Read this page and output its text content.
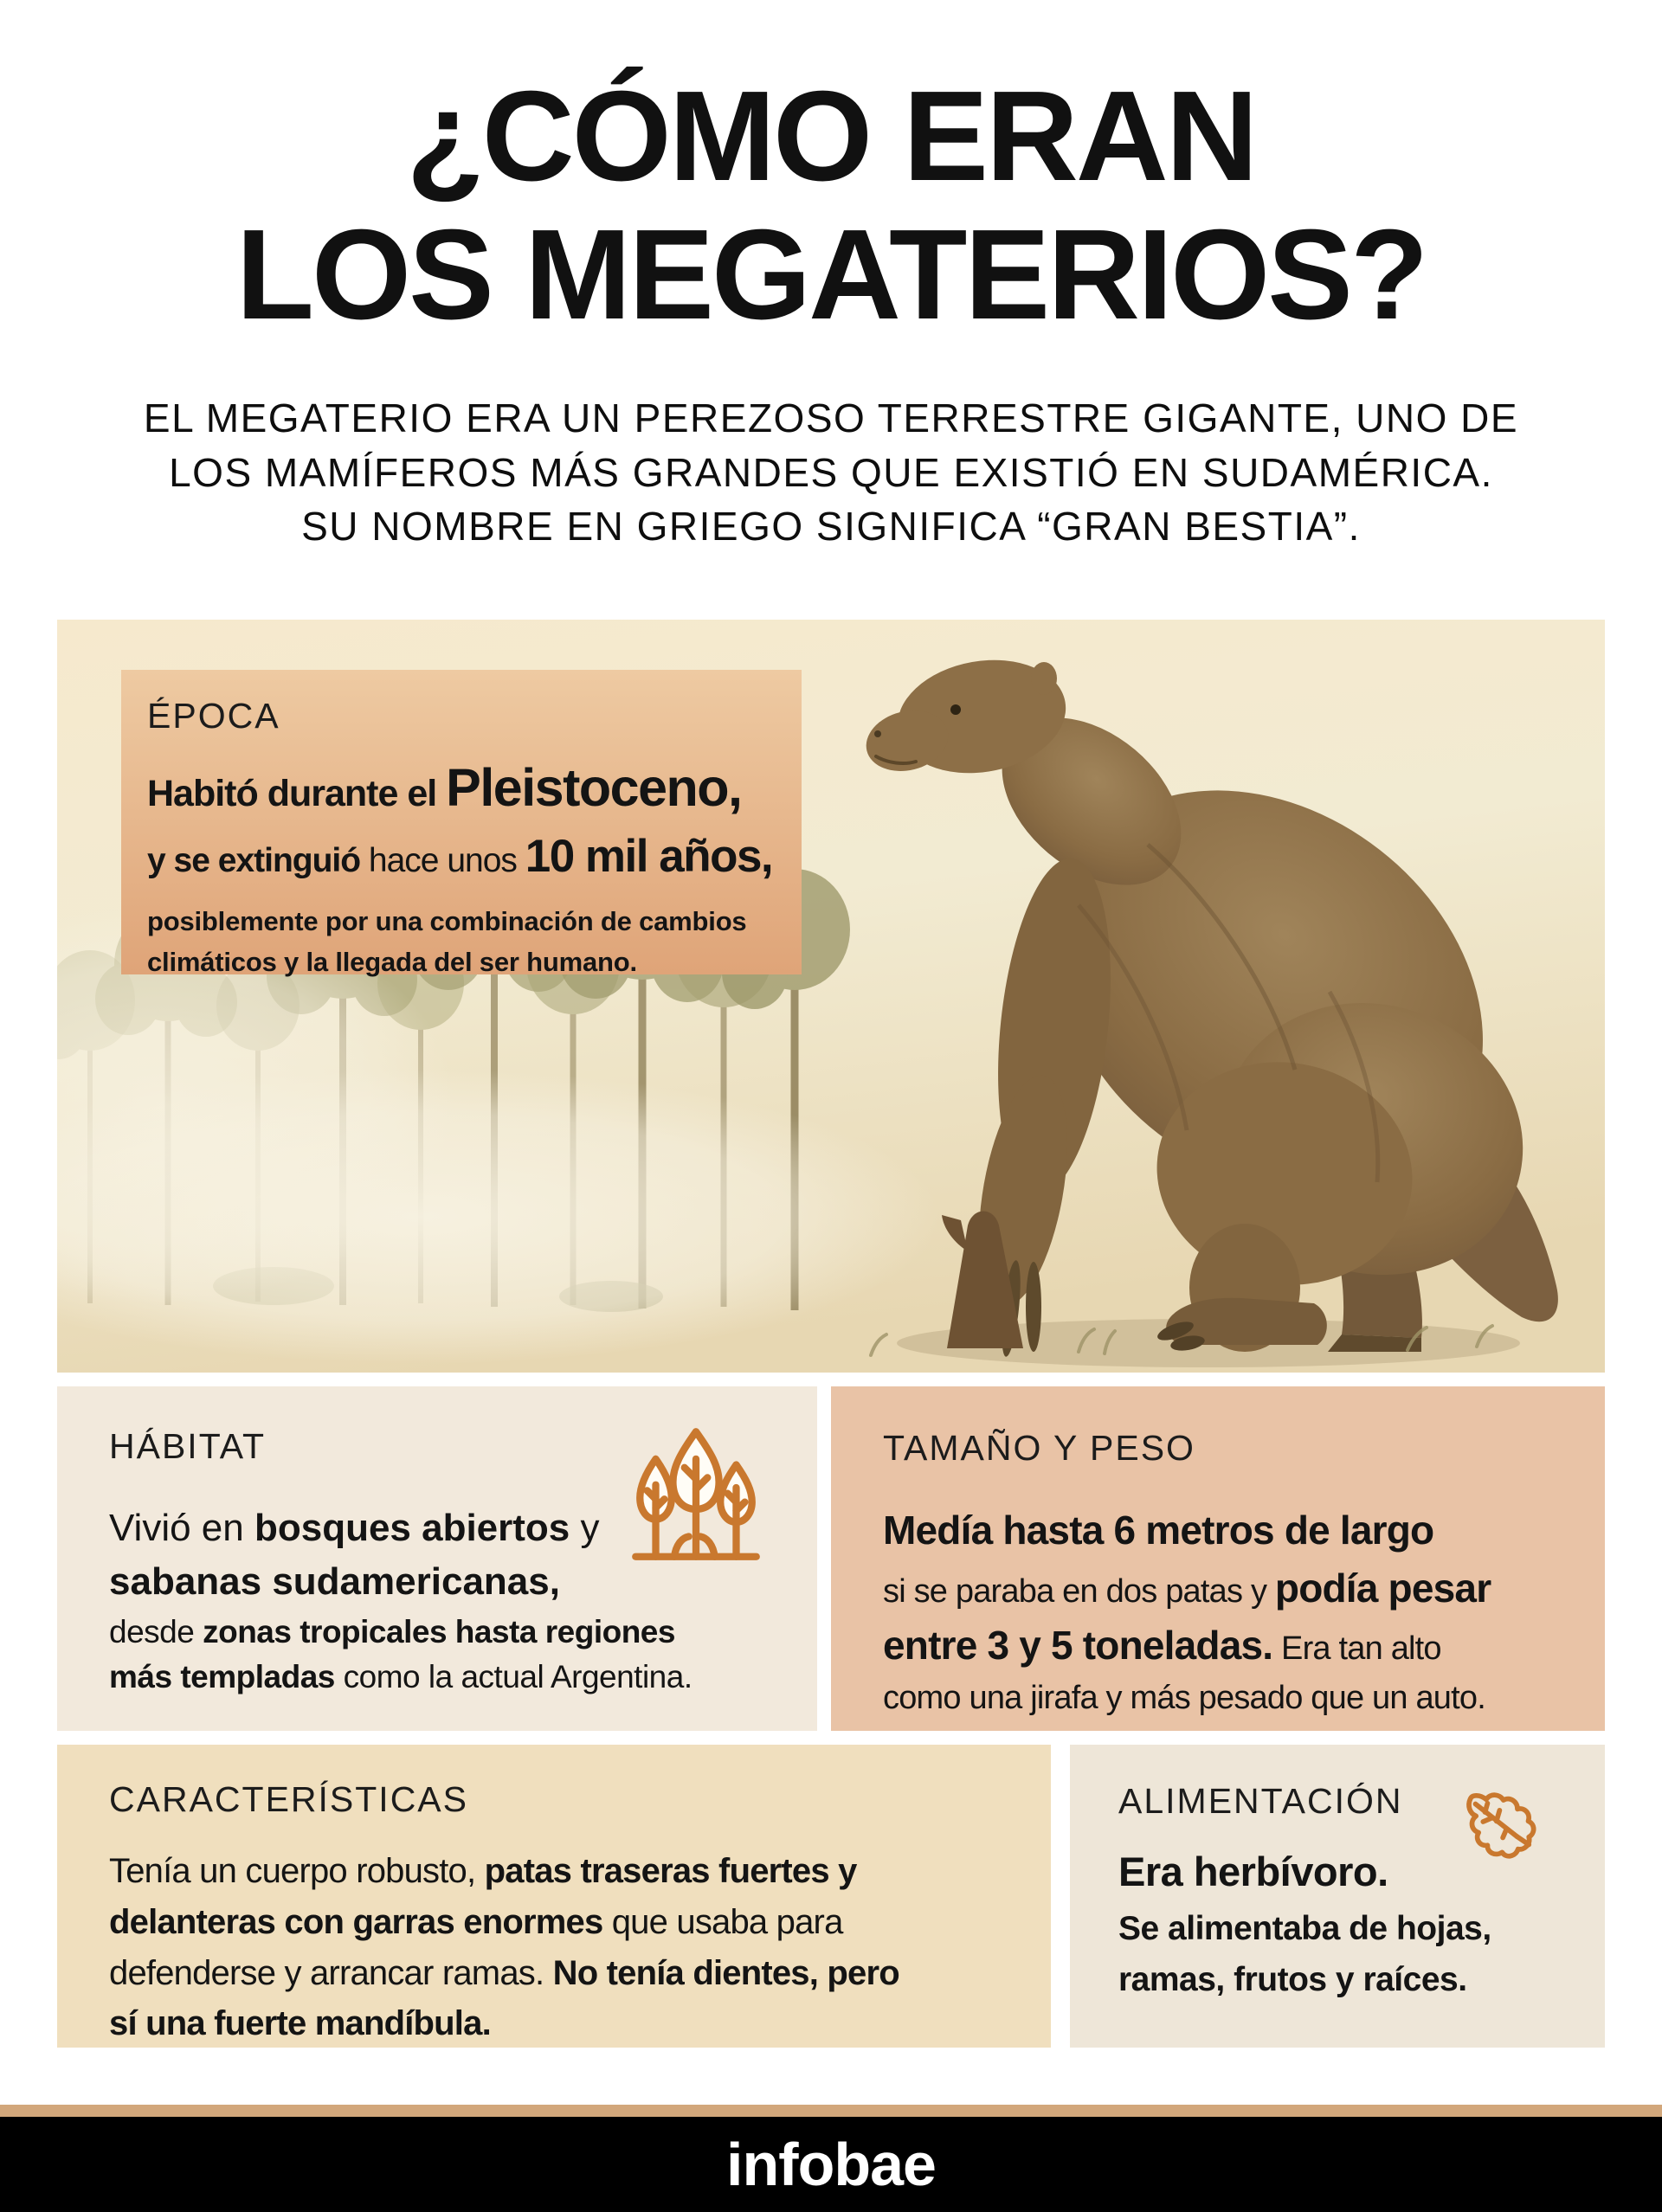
¿CÓMO ERAN
LOS MEGATERIOS?
EL MEGATERIO ERA UN PEREZOSO TERRESTRE GIGANTE, UNO DE
LOS MAMÍFEROS MÁS GRANDES QUE EXISTIÓ EN SUDAMÉRICA.
SU NOMBRE EN GRIEGO SIGNIFICA “GRAN BESTIA”.
ÉPOCA
Habitó durante el Pleistoceno,
y se extinguió hace unos 10 mil años,
posiblemente por una combinación de cambios
climáticos y la llegada del ser humano.
HÁBITAT
Vivió en bosques abiertos y
sabanas sudamericanas,
desde zonas tropicales hasta regiones
más templadas como la actual Argentina.
TAMAÑO Y PESO
Medía hasta 6 metros de largo
si se paraba en dos patas y podía pesar
entre 3 y 5 toneladas. Era tan alto
como una jirafa y más pesado que un auto.
CARACTERÍSTICAS
Tenía un cuerpo robusto, patas traseras fuertes y
delanteras con garras enormes que usaba para
defenderse y arrancar ramas. No tenía dientes, pero
sí una fuerte mandíbula.
ALIMENTACIÓN
Era herbívoro.
Se alimentaba de hojas,
ramas, frutos y raíces.
infobae
